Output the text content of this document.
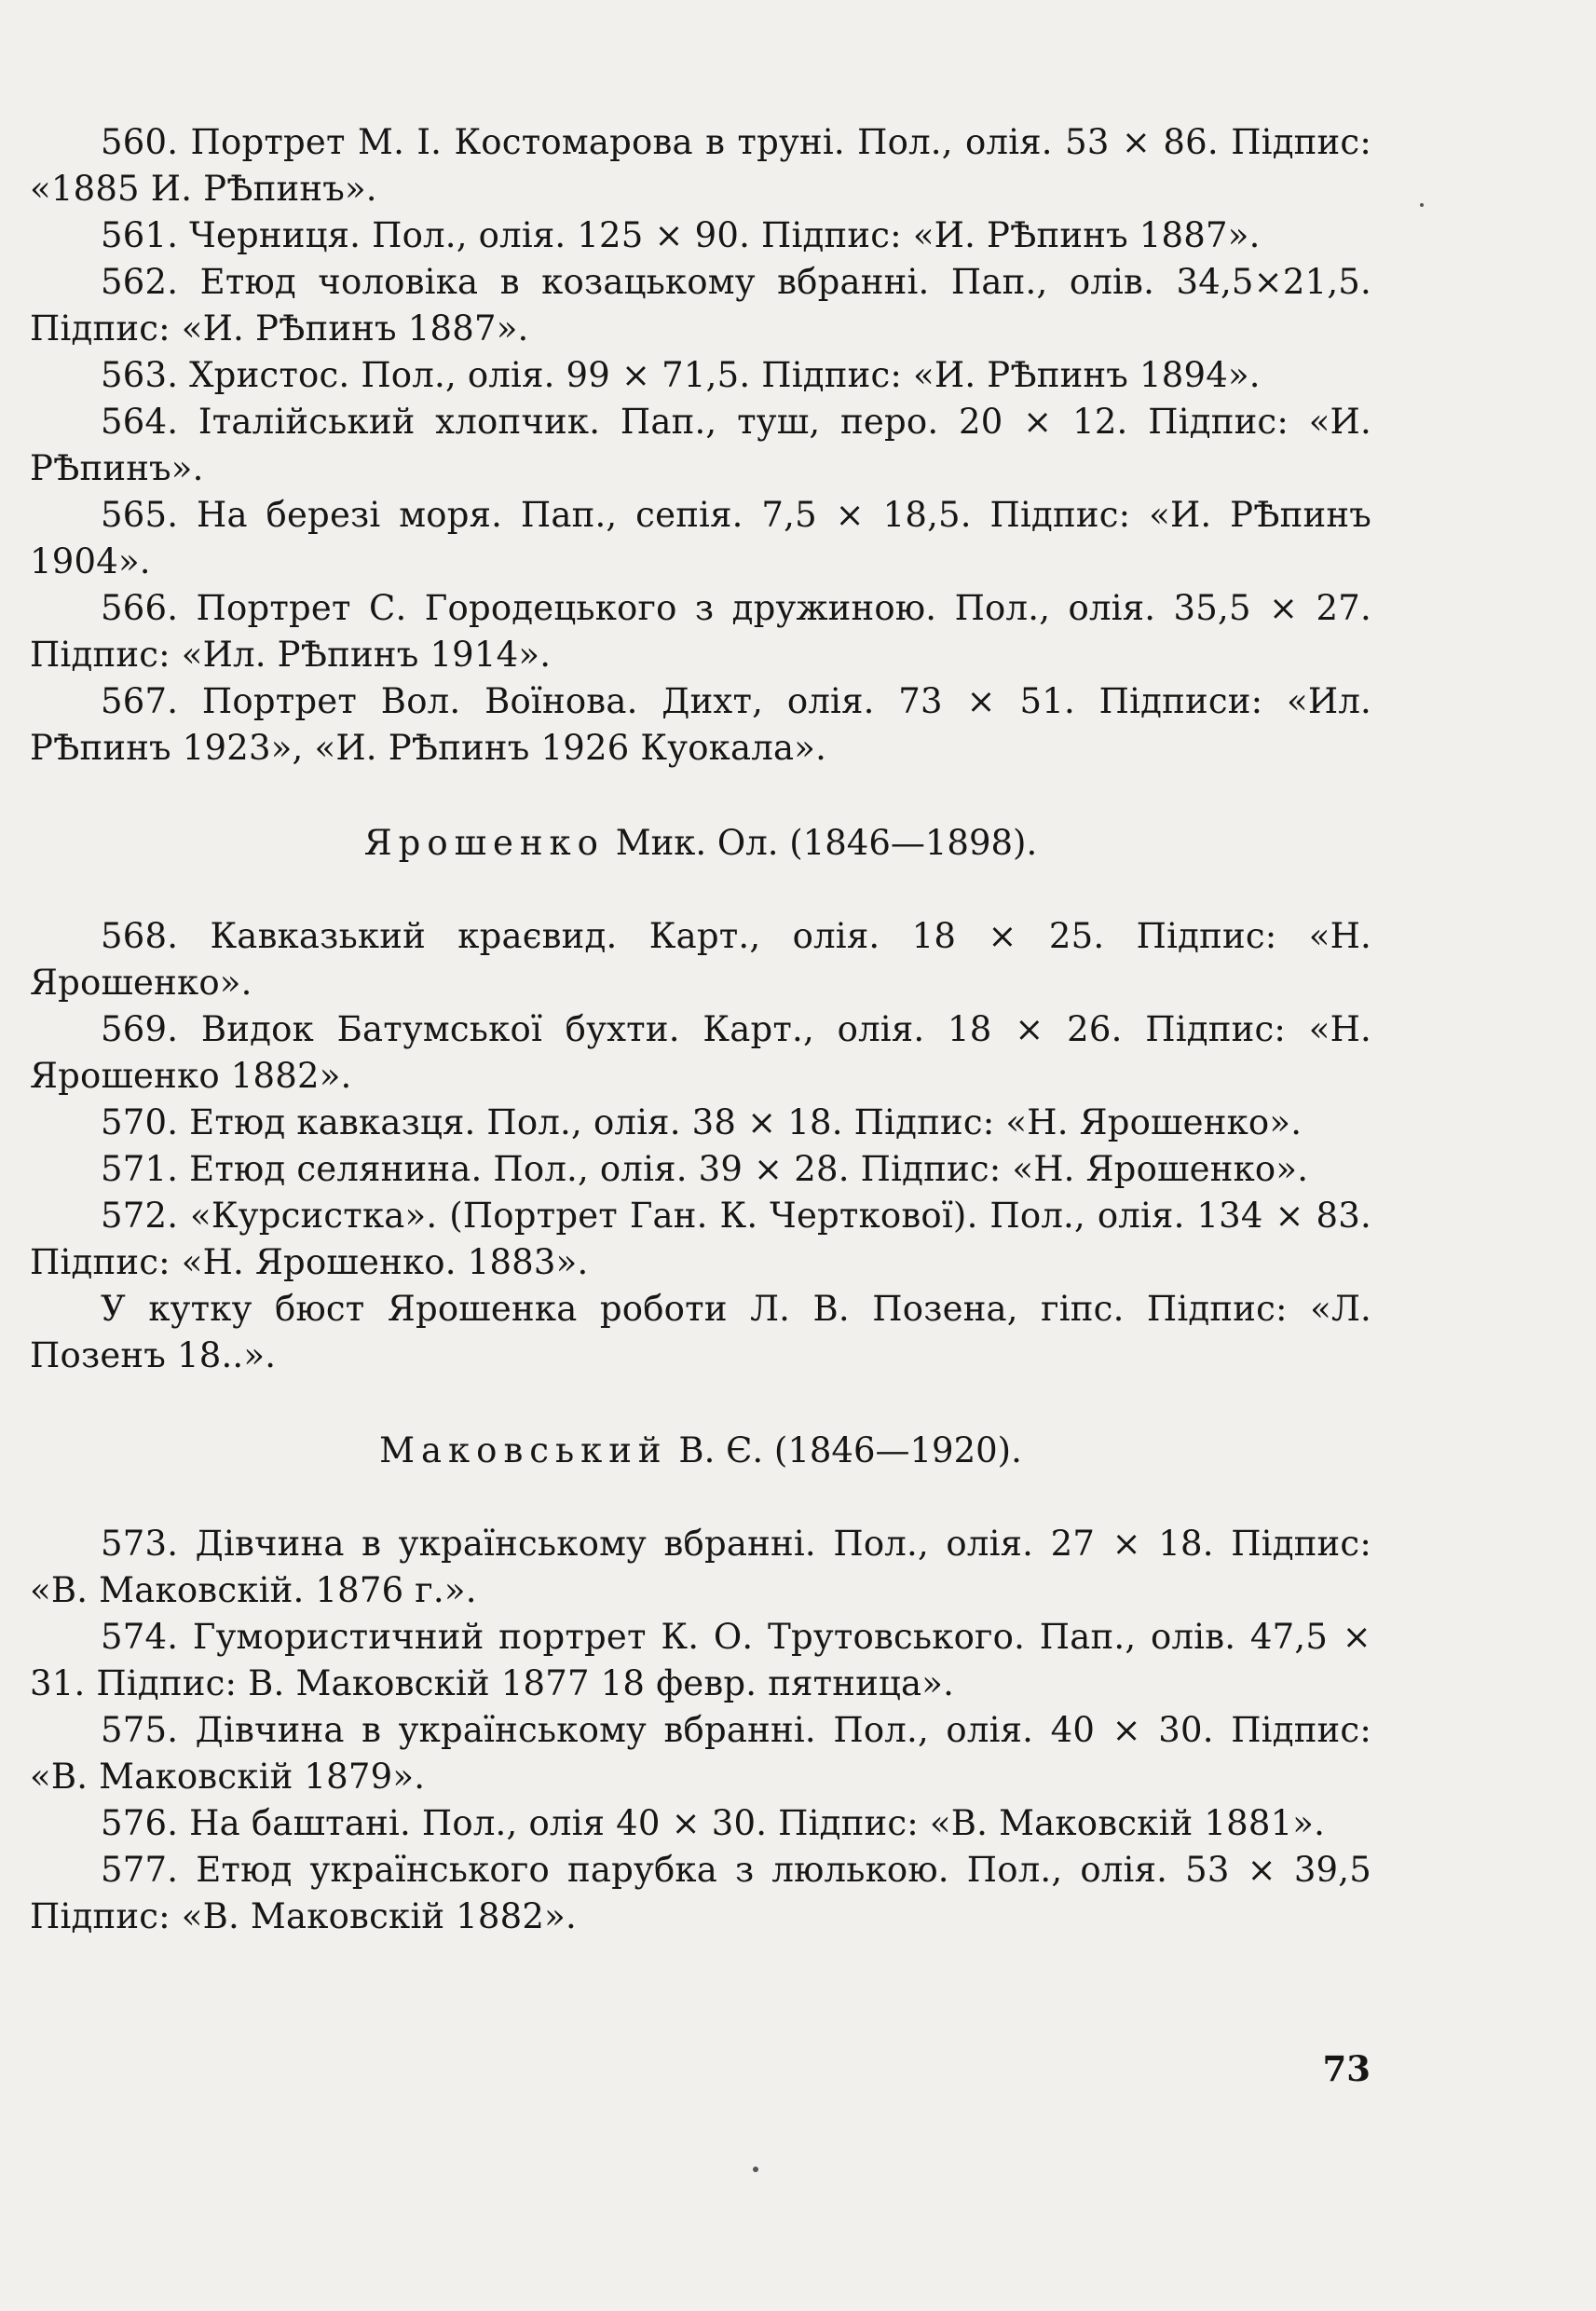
560. Портрет М. І. Костомарова в труні. Пол., олія. 53 ⨯ 86. Підпис: «1885 И. РѢпинъ».

561. Черниця. Пол., олія. 125 ⨯ 90. Підпис: «И. РѢпинъ 1887».

562. Етюд чоловіка в козацькому вбранні. Пап., олів. 34,5⨯21,5. Підпис: «И. РѢпинъ 1887».

563. Христос. Пол., олія. 99 ⨯ 71,5. Підпис: «И. РѢпинъ 1894».

564. Італійський хлопчик. Пап., туш, перо. 20 ⨯ 12. Підпис: «И. РѢпинъ».

565. На березі моря. Пап., сепія. 7,5 ⨯ 18,5. Підпис: «И. РѢпинъ 1904».

566. Портрет С. Городецького з дружиною. Пол., олія. 35,5 ⨯ 27. Підпис: «Ил. РѢпинъ 1914».

567. Портрет Вол. Воїнова. Дихт, олія. 73 ⨯ 51. Підписи: «Ил. РѢпинъ 1923», «И. РѢпинъ 1926 Куокала».

Ярошенко Мик. Ол. (1846—1898).

568. Кавказький краєвид. Карт., олія. 18 ⨯ 25. Підпис: «Н. Ярошенко».

569. Видок Батумської бухти. Карт., олія. 18 ⨯ 26. Підпис: «Н. Ярошенко 1882».

570. Етюд кавказця. Пол., олія. 38 ⨯ 18. Підпис: «Н. Ярошенко».

571. Етюд селянина. Пол., олія. 39 ⨯ 28. Підпис: «Н. Ярошенко».

572. «Курсистка». (Портрет Ган. К. Черткової). Пол., олія. 134 ⨯ 83. Підпис: «Н. Ярошенко. 1883».

У кутку бюст Ярошенка роботи Л. В. Позена, гіпс. Підпис: «Л. Позенъ 18..».

Маковський В. Є. (1846—1920).

573. Дівчина в українському вбранні. Пол., олія. 27 ⨯ 18. Підпис: «В. Маковскій. 1876 г.».

574. Гумористичний портрет К. О. Трутовського. Пап., олів. 47,5 ⨯ 31. Підпис: В. Маковскій 1877 18 февр. пятница».

575. Дівчина в українському вбранні. Пол., олія. 40 ⨯ 30. Підпис: «В. Маковскій 1879».

576. На баштані. Пол., олія 40 ⨯ 30. Підпис: «В. Маковскій 1881».

577. Етюд українського парубка з люлькою. Пол., олія. 53 ⨯ 39,5 Підпис: «В. Маковскій 1882».

73
